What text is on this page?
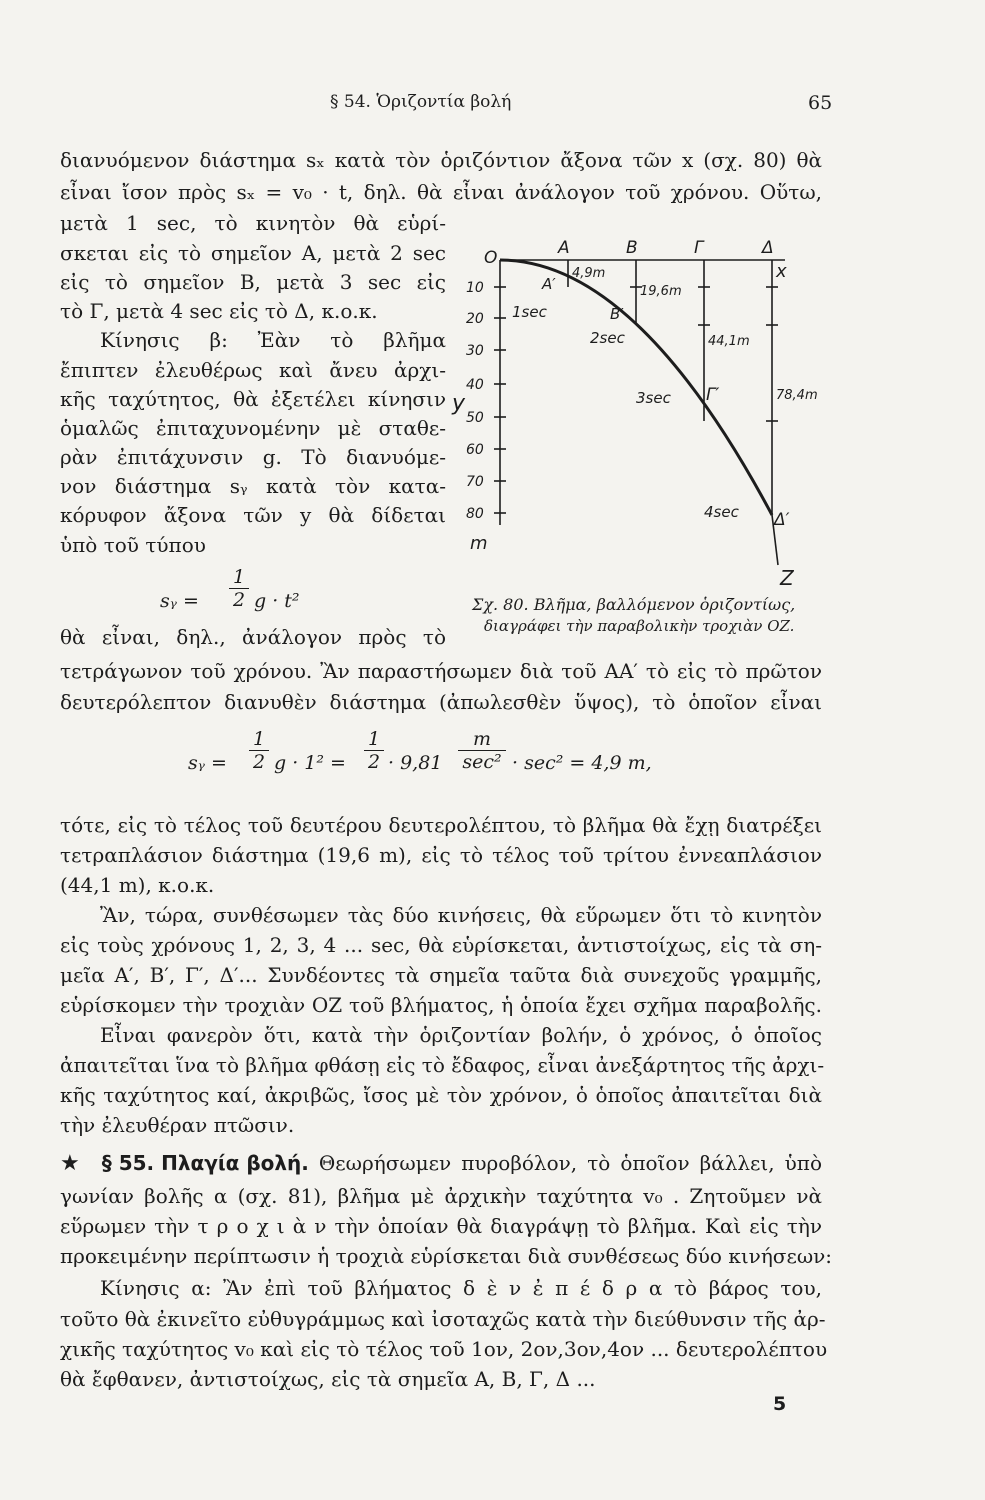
§ 54. Ὁριζοντία βολή	65
διανυόμενον διάστημα sₓ κατὰ τὸν ὁριζόντιον ἄξονα τῶν x (σχ. 80) θὰ
εἶναι ἴσον πρὸς sₓ = v₀ · t, δηλ. θὰ εἶναι ἀνάλογον τοῦ χρόνου. Οὕτω,
μετὰ 1 sec, τὸ κινητὸν θὰ εὑρί-
σκεται εἰς τὸ σημεῖον A, μετὰ 2 sec
εἰς τὸ σημεῖον B, μετὰ 3 sec εἰς
τὸ Γ, μετὰ 4 sec εἰς τὸ Δ, κ.ο.κ.
Κίνησις β: Ἐὰν τὸ βλῆμα
ἔπιπτεν ἐλευθέρως καὶ ἄνευ ἀρχι-
κῆς ταχύτητος, θὰ ἐξετέλει κίνησιν
ὁμαλῶς ἐπιταχυνομένην μὲ σταθε-
ρὰν ἐπιτάχυνσιν g. Τὸ διανυόμε-
νον διάστημα sᵧ κατὰ τὸν κατα-
κόρυφον ἄξονα τῶν y θὰ δίδεται
ὑπὸ τοῦ τύπου
sᵧ = $\frac{1}{2}$ g · t²
θὰ εἶναι, δηλ., ἀνάλογον πρὸς τὸ
τετράγωνον τοῦ χρόνου. Ἂν παραστήσωμεν διὰ τοῦ AA′ τὸ εἰς τὸ πρῶτον
δευτερόλεπτον διανυθὲν διάστημα (ἀπωλεσθὲν ὕψος), τὸ ὁποῖον εἶναι
sᵧ = $\frac{1}{2}$ $g \cdot 1^2 = \frac{1}{2} \cdot 9,81$
m
sec² · sec² = 4,9 m,
τότε, εἰς τὸ τέλος τοῦ δευτέρου δευτερολέπτου, τὸ βλῆμα θὰ ἔχῃ διατρέξει
τετραπλάσιον διάστημα (19,6 m), εἰς τὸ τέλος τοῦ τρίτου ἐννεαπλάσιον
(44,1 m), κ.ο.κ.
Ἂν, τώρα, συνθέσωμεν τὰς δύο κινήσεις, θὰ εὕρωμεν ὅτι τὸ κινητὸν
εἰς τοὺς χρόνους 1, 2, 3, 4 ... sec, θὰ εὑρίσκεται, ἀντιστοίχως, εἰς τὰ ση-
μεῖα A′, B′, Γ′, Δ′... Συνδέοντες τὰ σημεῖα ταῦτα διὰ συνεχοῦς γραμμῆς,
εὑρίσκομεν τὴν τροχιὰν OZ τοῦ βλήματος, ἡ ὁποία ἔχει σχῆμα παραβολῆς.
Εἶναι φανερὸν ὅτι, κατὰ τὴν ὁριζοντίαν βολήν, ὁ χρόνος, ὁ ὁποῖος
ἀπαιτεῖται ἵνα τὸ βλῆμα φθάσῃ εἰς τὸ ἔδαφος, εἶναι ἀνεξάρτητος τῆς ἀρχι-
κῆς ταχύτητος καί, ἀκριβῶς, ἴσος μὲ τὸν χρόνον, ὁ ὁποῖος ἀπαιτεῖται διὰ
τὴν ἐλευθέραν πτῶσιν.
★ § 55. Πλαγία βολή. Θεωρήσωμεν πυροβόλον, τὸ ὁποῖον βάλλει, ὑπὸ
γωνίαν βολῆς α (σχ. 81), βλῆμα μὲ ἀρχικὴν ταχύτητα v₀ . Ζητοῦμεν νὰ
εὕρωμεν τὴν τ ρ ο χ ι ὰ ν τὴν ὁποίαν θὰ διαγράψῃ τὸ βλῆμα. Καὶ εἰς τὴν
προκειμένην περίπτωσιν ἡ τροχιὰ εὑρίσκεται διὰ συνθέσεως δύο κινήσεων:
Κίνησις α: Ἂν ἐπὶ τοῦ βλήματος δ ὲ ν ἐ π έ δ ρ α τὸ βάρος του,
τοῦτο θὰ ἐκινεῖτο εὐθυγράμμως καὶ ἰσοταχῶς κατὰ τὴν διεύθυνσιν τῆς ἀρ-
χικῆς ταχύτητος v₀ καὶ εἰς τὸ τέλος τοῦ 1ον, 2ον,3ον,4ον ... δευτερολέπτου
θὰ ἔφθανεν, ἀντιστοίχως, εἰς τὰ σημεῖα A, B, Γ, Δ ...
5
O
x
y
m
Z
A	B	Γ	Δ
A′
B′
Γ′
Δ′
1sec
2sec
3sec
4sec
4,9m
19,6m
44,1m
78,4m
10
20
30
40
50
60
70
80
Σχ. 80. Βλῆμα, βαλλόμενον ὁριζοντίως,
διαγράφει τὴν παραβολικὴν τροχιὰν OZ.
